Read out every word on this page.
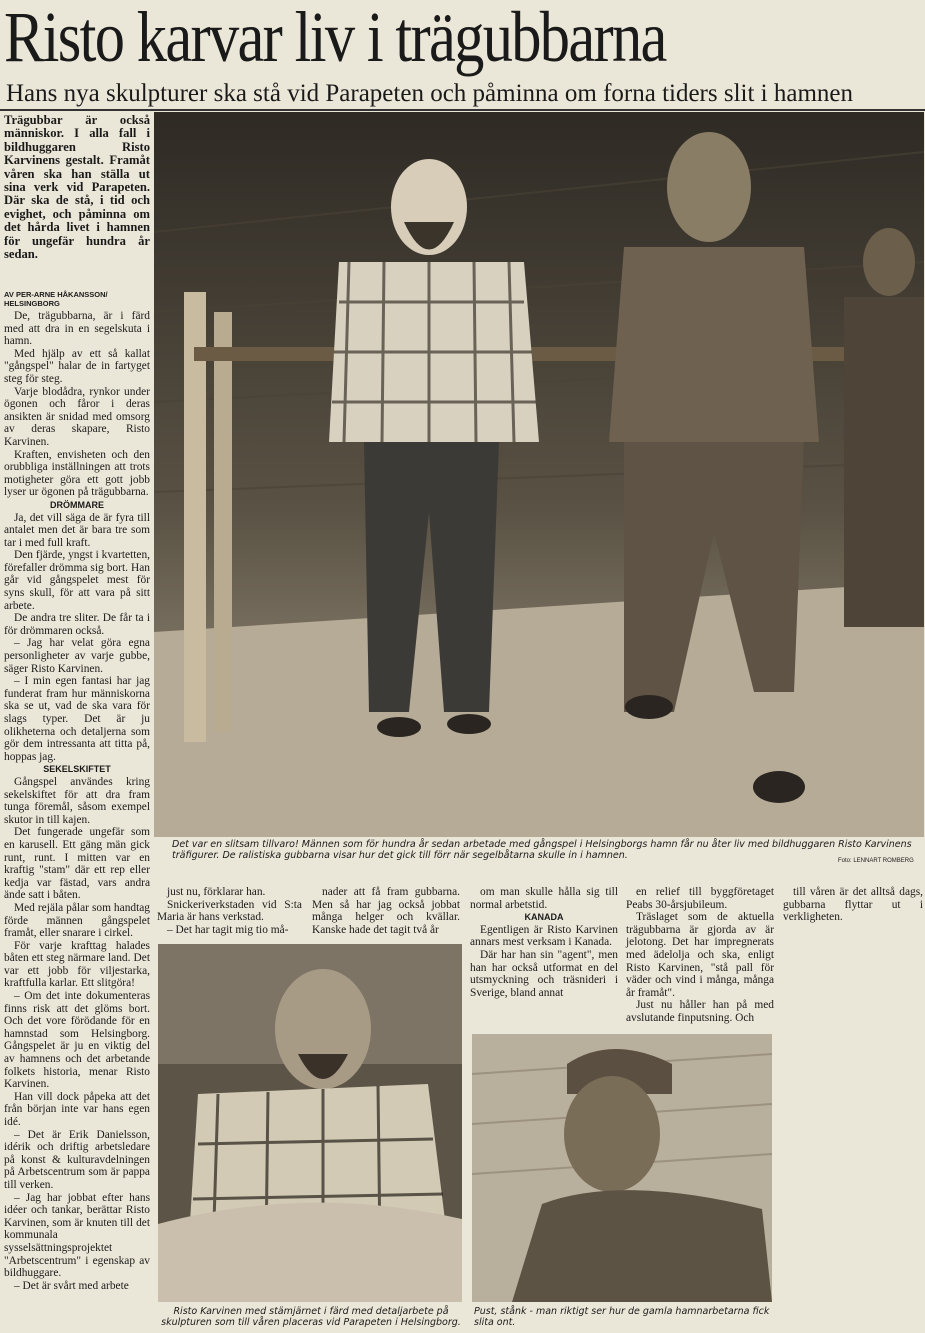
Risto karvar liv i trägubbarna
Hans nya skulpturer ska stå vid Parapeten och påminna om forna tiders slit i hamnen

Trägubbar är också människor. I alla fall i bildhuggaren Risto Karvinens gestalt. Framåt våren ska han ställa ut sina verk vid Parapeten. Där ska de stå, i tid och evighet, och påminna om det hårda livet i hamnen för ungefär hundra år sedan.

AV PER-ARNE HÅKANSSON/ HELSINGBORG

De, trägubbarna, är i färd med att dra in en segelskuta i hamn.

Med hjälp av ett så kallat "gångspel" halar de in fartyget steg för steg.

Varje blodådra, rynkor under ögonen och fåror i deras ansikten är snidad med omsorg av deras skapare, Risto Karvinen.

Kraften, envisheten och den orubbliga inställningen att trots motigheter göra ett gott jobb lyser ur ögonen på trägubbarna.

DRÖMMARE

Ja, det vill säga de är fyra till antalet men det är bara tre som tar i med full kraft.

Den fjärde, yngst i kvartetten, förefaller drömma sig bort. Han går vid gångspelet mest för syns skull, för att vara på sitt arbete.

De andra tre sliter. De får ta i för drömmaren också.

– Jag har velat göra egna personligheter av varje gubbe, säger Risto Karvinen.

– I min egen fantasi har jag funderat fram hur människorna ska se ut, vad de ska vara för slags typer. Det är ju olikheterna och detaljerna som gör dem intressanta att titta på, hoppas jag.

SEKELSKIFTET

Gångspel användes kring sekelskiftet för att dra fram tunga föremål, såsom exempel skutor in till kajen.

Det fungerade ungefär som en karusell. Ett gäng män gick runt, runt. I mitten var en kraftig "stam" där ett rep eller kedja var fästad, vars andra ände satt i båten.

Med rejäla pålar som handtag förde männen gångspelet framåt, eller snarare i cirkel.

För varje krafttag halades båten ett steg närmare land. Det var ett jobb för viljestarka, kraftfulla karlar. Ett slitgöra!

– Om det inte dokumenteras finns risk att det glöms bort. Och det vore förödande för en hamnstad som Helsingborg. Gångspelet är ju en viktig del av hamnens och det arbetande folkets historia, menar Risto Karvinen.

Han vill dock påpeka att det från början inte var hans egen idé.

– Det är Erik Danielsson, idérik och driftig arbetsledare på konst & kulturavdelningen på Arbetscentrum som är pappa till verken.

– Jag har jobbat efter hans idéer och tankar, berättar Risto Karvinen, som är knuten till det kommunala sysselsättningsprojektet "Arbetscentrum" i egenskap av bildhuggare.

– Det är svårt med arbete

Det var en slitsam tillvaro! Männen som för hundra år sedan arbetade med gångspel i Helsingborgs hamn får nu åter liv med bildhuggaren Risto Karvinens träfigurer. De ralistiska gubbarna visar hur det gick till förr när segelbåtarna skulle in i hamnen.	Foto: LENNART ROMBERG

just nu, förklarar han.

Snickeriverkstaden vid S:ta Maria är hans verkstad.

– Det har tagit mig tio må-

nader att få fram gubbarna. Men så har jag också jobbat många helger och kvällar. Kanske hade det tagit två år

om man skulle hålla sig till normal arbetstid.

KANADA

Egentligen är Risto Karvinen annars mest verksam i Kanada.

Där har han sin "agent", men han har också utformat en del utsmyckning och träsniderі i Sverige, bland annat

en relief till byggföretaget Peabs 30-årsjubileum.

Träslaget som de aktuella trägubbarna är gjorda av är jelotong. Det har impregnerats med ädelolja och ska, enligt Risto Karvinen, "stå pall för väder och vind i många, många år framåt".

Just nu håller han på med avslutande finputsning. Och

till våren är det alltså dags, gubbarna flyttar ut i verkligheten.

Risto Karvinen med stämjärnet i färd med detaljarbete på skulpturen som till våren placeras vid Parapeten i Helsingborg.
Pust, stånk - man riktigt ser hur de gamla hamnarbetarna fick slita ont.
